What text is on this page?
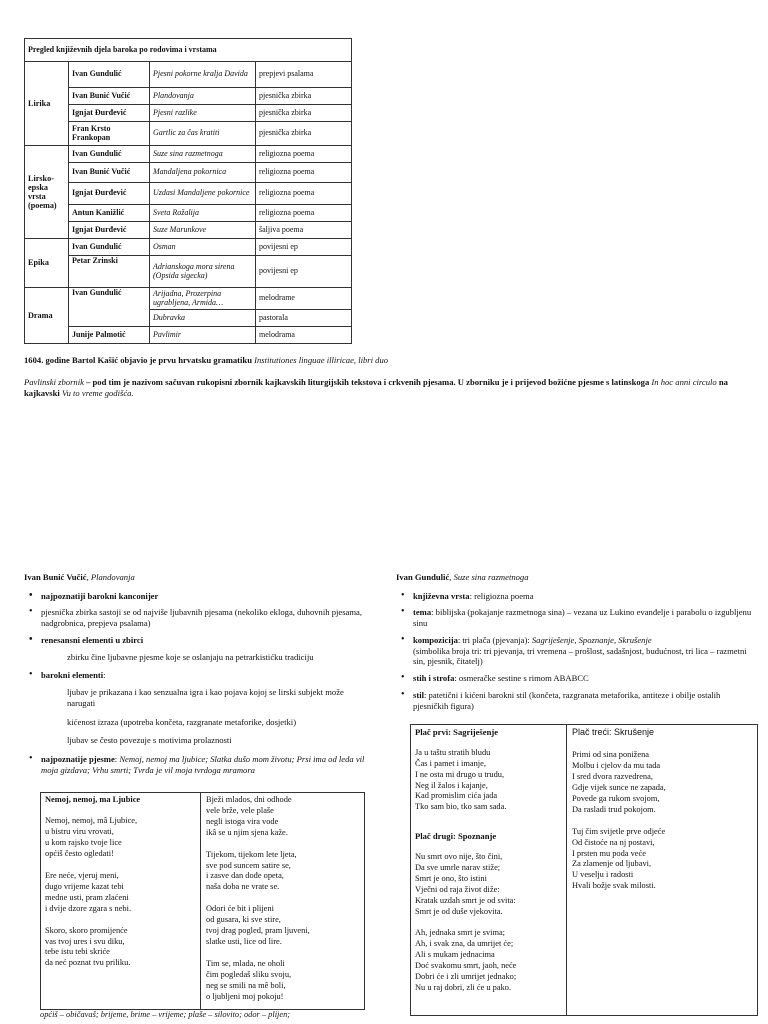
Pregled književnih djela baroka po rodovima i vrstama			
Lirika	Ivan Gundulić	Pjesni pokorne kralja Davida	prepjevi psalama
	Ivan Bunić Vučić	Plandovanja	pjesnička zbirka
	Ignjat Đurđević	Pjesni razlike	pjesnička zbirka
	Fran Krsto Frankopan	Gartlic za čas kratiti	pjesnička zbirka
Lirsko-epska vrsta (poema)	Ivan Gundulić	Suze sina razmetnoga	religiozna poema
	Ivan Bunić Vučić	Mandaljena pokornica	religiozna poema
	Ignjat Đurđević	Uzdasi Mandaljene pokornice	religiozna poema
	Antun Kanižlić	Sveta Rožalija	religiozna poema
	Ignjat Đurđević	Suze Marunkove	šaljiva poema
Epika	Ivan Gundulić	Osman	povijesni ep
	Petar Zrinski	Adrianskoga mora sirena (Opsida sigecka)	povijesni ep
Drama	Ivan Gundulić	Arijadna, Prozerpina ugrabljena, Armida…	melodrame
		Dubravka	pastorala
	Junije Palmotić	Pavlimir	melodrama

1604. godine Bartol Kašić objavio je prvu hrvatsku gramatiku Institutiones linguae illiricae, libri duo

Pavlinski zbornik – pod tim je nazivom sačuvan rukopisni zbornik kajkavskih liturgijskih tekstova i crkvenih pjesama. U zborniku je i prijevod božićne pjesme s latinskoga In hoc anni circulo na kajkavski Vu to vreme godišća.

Ivan Bunić Vučić, Plandovanja

• najpoznatiji barokni kanconijer
• pjesnička zbirka sastoji se od najviše ljubavnih pjesama (nekoliko ekloga, duhovnih pjesama, nadgrobnica, prepjeva psalama)
• renesansni elementi u zbirci

zbirku čine ljubavne pjesme koje se oslanjaju na petrarkistićku tradiciju

• barokni elementi:

ljubav je prikazana i kao senzualna igra i kao pojava kojoj se lirski subjekt može narugati

kićenost izraza (upotreba končeta, razgranate metaforike, dosjetki)

ljubav se često povezuje s motivima prolaznosti

• najpoznatije pjesme: Nemoj, nemoj ma ljubice; Slatka dušo mom životu; Prsi ima od leda vil moja gizdava; Vrhu smrti; Tvrđa je vil moja tvrdoga mramora

Nemoj, nemoj, ma Ljubice

Nemoj, nemoj, mâ Ljubice,
u bistru viru vrovati,
u kom rajsko tvoje lice
općiš često ogledati!

Ere neće, vjeruj meni,
dugo vrijeme kazat tebi
medne usti, pram zlaćeni
i dvije dzore zgara s nebi.

Skoro, skoro promijenće
vas tvoj ures i svu diku,
tebe istu tebi skriće
da neć poznat tvu priliku.

Bježi mlados, dni odhode
vele brže, vele plaše
negli istoga vira vode
ikâ se u njim sjena kaže.

Tijekom, tijekom lete ljeta,
sve pod suncem satire se,
i zasve dan dođe opeta,
naša doba ne vrate se.

Odori će bit i plijeni
od gusara, ki sve stire,
tvoj drag pogled, pram ljuveni,
slatke usti, lice od lire.

Tim se, mlada, ne oholi
čim pogledaš sliku svoju,
neg se smili na mê boli,
o ljubljeni moj pokoju!

općiš – običavaš; brijeme, brime – vrijeme; plaše – silovito; odor – plijen;

Ivan Gundulić, Suze sina razmetnoga

• književna vrsta: religiozna poema
• tema: biblijska (pokajanje razmetnoga sina) – vezana uz Lukino evanđelje i parabolu o izgubljenu sinu
• kompozicija: tri plača (pjevanja): Sagriješenje, Spoznanje, Skrušenje
(simbolika broja tri: tri pjevanja, tri vremena – prošlost, sadašnjost, budućnost, tri lica – razmetni sin, pjesnik, čitatelj)
• stih i strofa: osmeračke sestine s rimom ABABCC
• stil: patetični i kićeni barokni stil (končeta, razgranata metaforika, antiteze i obilje ostalih pjesničkih figura)

Plač prvi: Sagriješenje

Ja u taštu stratih bludu
Čas i pamet i imanje,
I ne osta mi drugo u trudu,
Neg il žalos i kajanje,
Kad promislim cića jada
Tko sam bio, tko sam sada.

Plač drugi: Spoznanje

Nu smrt ovo nije, što čini,
Da sve umrle narav stiže;
Smrt je ono, što istini
Vječni od raja život diže:
Kratak uzdah smrt je od svita:
Smrt je od duše vjekovita.

Ah, jednaka smrt je svima;
Ah, i svak zna, da umrijet će;
Ali s mukam jednacima
Doć svakomu smrt, jaoh, neće
Dobri će i zli umrijet jednako;
Nu u raj dobri, zli će u pako.

Plač treći: Skrušenje

Primi od sina ponižena
Molbu i cjelov da mu tada
I sred dvora razvedrena,
Gdje vijek sunce ne zapada,
Povede ga rukom svojom,
Da rasladi trud pokojom.

Tuj čim svijetle prve odjeće
Od čistoće na nj postavi,
I prsten mu poda veće
Za zlamenje od ljubavi,
U veselju i radosti
Hvali božje svak milosti.
